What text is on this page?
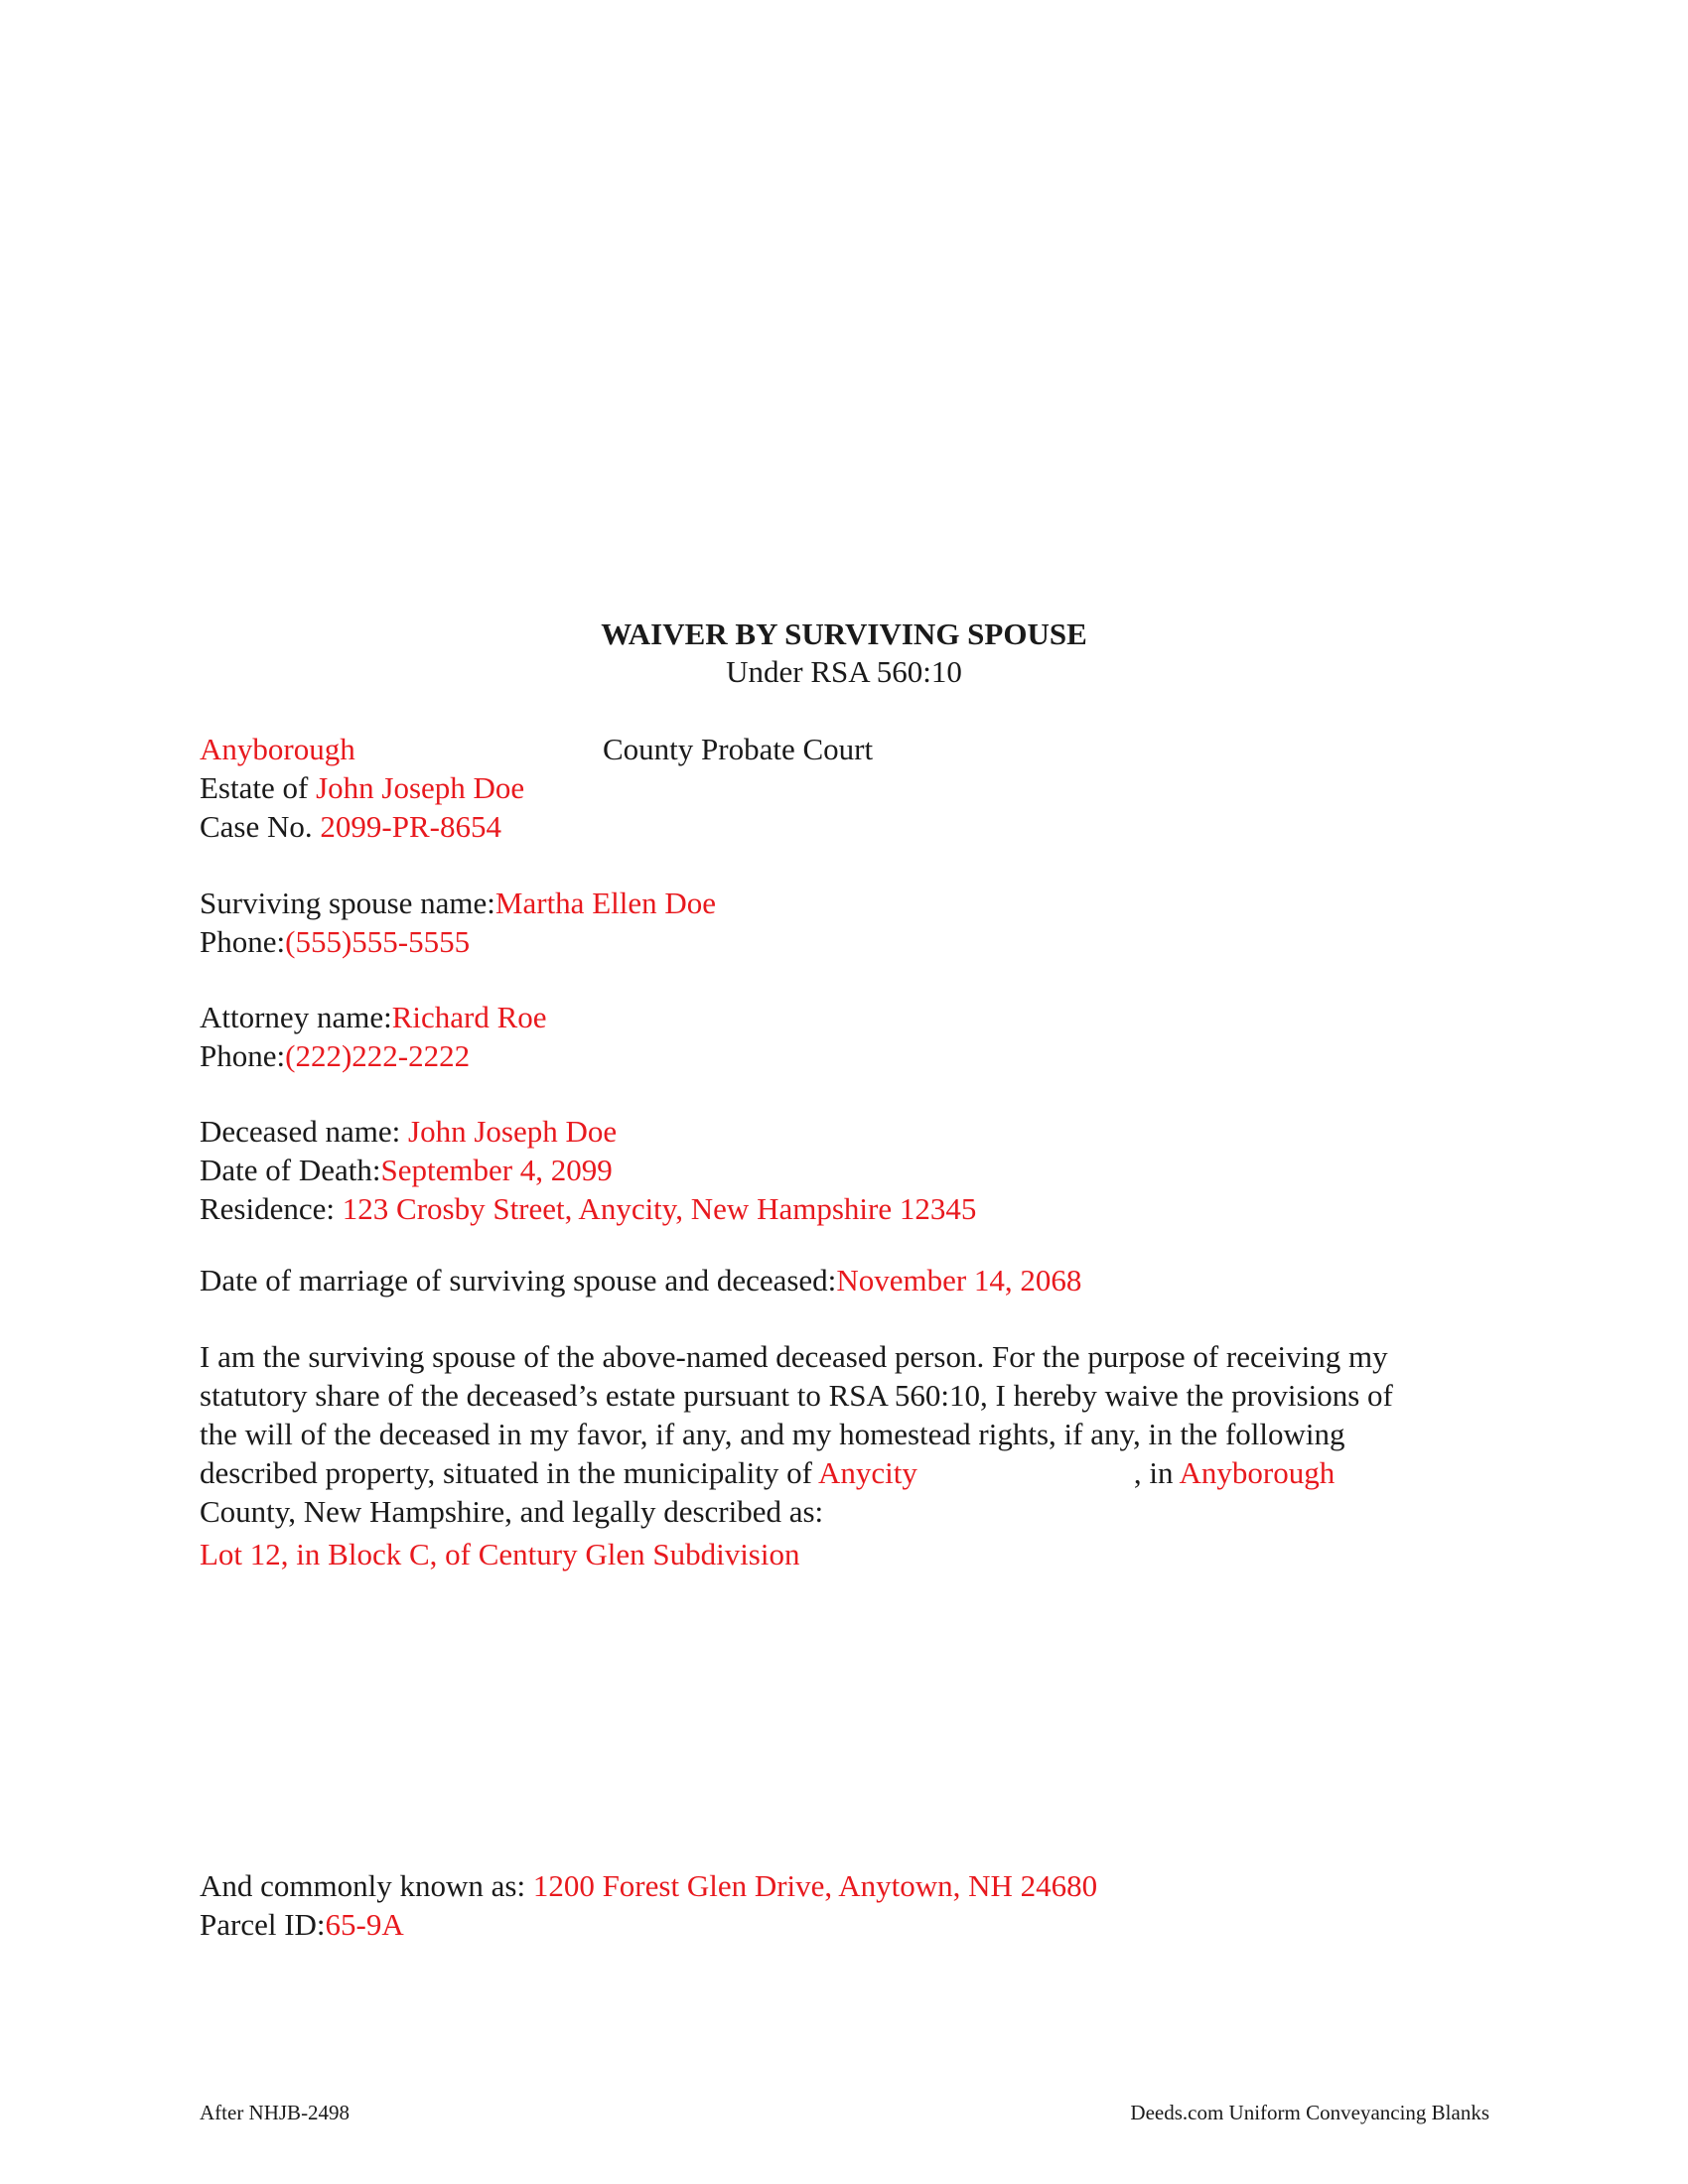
WAIVER BY SURVIVING SPOUSE
Under RSA 560:10
Anyborough	County Probate Court
Estate of John Joseph Doe
Case No. 2099-PR-8654
Surviving spouse name:Martha Ellen Doe
Phone:(555)555-5555
Attorney name:Richard Roe
Phone:(222)222-2222
Deceased name: John Joseph Doe
Date of Death:September 4, 2099
Residence: 123 Crosby Street, Anycity, New Hampshire 12345
Date of marriage of surviving spouse and deceased:November 14, 2068
I am the surviving spouse of the above-named deceased person. For the purpose of receiving my
statutory share of the deceased’s estate pursuant to RSA 560:10, I hereby waive the provisions of
the will of the deceased in my favor, if any, and my homestead rights, if any, in the following
described property, situated in the municipality of Anycity	, in Anyborough
County, New Hampshire, and legally described as:
Lot 12, in Block C, of Century Glen Subdivision
And commonly known as: 1200 Forest Glen Drive, Anytown, NH 24680
Parcel ID:65-9A
After NHJB-2498	Deeds.com Uniform Conveyancing Blanks
